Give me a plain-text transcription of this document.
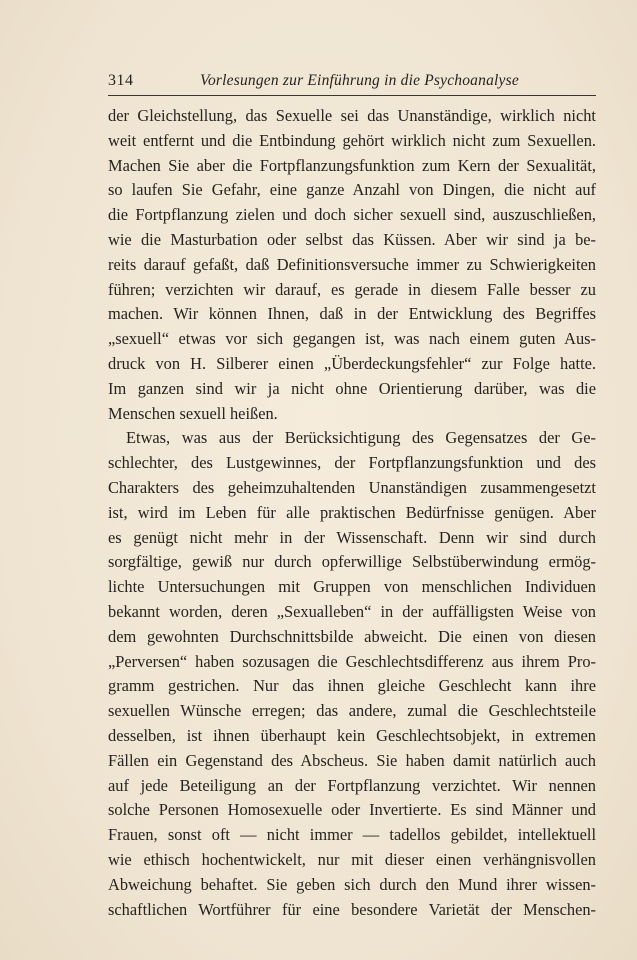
314	Vorlesungen zur Einführung in die Psychoanalyse
der Gleichstellung, das Sexuelle sei das Unanständige, wirklich nicht
weit entfernt und die Entbindung gehört wirklich nicht zum Sexuellen.
Machen Sie aber die Fortpflanzungsfunktion zum Kern der Sexualität,
so laufen Sie Gefahr, eine ganze Anzahl von Dingen, die nicht auf
die Fortpflanzung zielen und doch sicher sexuell sind, auszuschließen,
wie die Masturbation oder selbst das Küssen. Aber wir sind ja be-
reits darauf gefaßt, daß Definitionsversuche immer zu Schwierigkeiten
führen; verzichten wir darauf, es gerade in diesem Falle besser zu
machen. Wir können Ihnen, daß in der Entwicklung des Begriffes
„sexuell“ etwas vor sich gegangen ist, was nach einem guten Aus-
druck von H. Silberer einen „Überdeckungsfehler“ zur Folge hatte.
Im ganzen sind wir ja nicht ohne Orientierung darüber, was die
Menschen sexuell heißen.
Etwas, was aus der Berücksichtigung des Gegensatzes der Ge-
schlechter, des Lustgewinnes, der Fortpflanzungsfunktion und des
Charakters des geheimzuhaltenden Unanständigen zusammengesetzt
ist, wird im Leben für alle praktischen Bedürfnisse genügen. Aber
es genügt nicht mehr in der Wissenschaft. Denn wir sind durch
sorgfältige, gewiß nur durch opferwillige Selbstüberwindung ermög-
lichte Untersuchungen mit Gruppen von menschlichen Individuen
bekannt worden, deren „Sexualleben“ in der auffälligsten Weise von
dem gewohnten Durchschnittsbilde abweicht. Die einen von diesen
„Perversen“ haben sozusagen die Geschlechtsdifferenz aus ihrem Pro-
gramm gestrichen. Nur das ihnen gleiche Geschlecht kann ihre
sexuellen Wünsche erregen; das andere, zumal die Geschlechtsteile
desselben, ist ihnen überhaupt kein Geschlechtsobjekt, in extremen
Fällen ein Gegenstand des Abscheus. Sie haben damit natürlich auch
auf jede Beteiligung an der Fortpflanzung verzichtet. Wir nennen
solche Personen Homosexuelle oder Invertierte. Es sind Männer und
Frauen, sonst oft — nicht immer — tadellos gebildet, intellektuell
wie ethisch hochentwickelt, nur mit dieser einen verhängnisvollen
Abweichung behaftet. Sie geben sich durch den Mund ihrer wissen-
schaftlichen Wortführer für eine besondere Varietät der Menschen-
